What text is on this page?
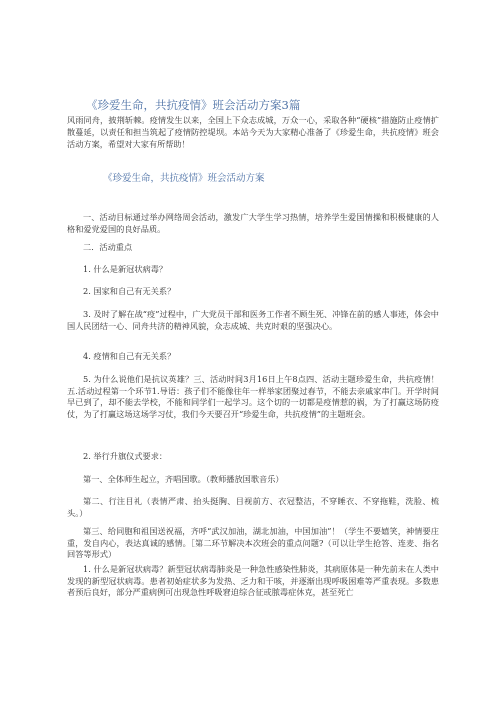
《珍爱生命，共抗疫情》班会活动方案3篇
风雨同舟，披荆斩棘。疫情发生以来，全国上下众志成城，万众一心，采取各种“硬核”措施防止疫情扩散蔓延，以责任和担当筑起了疫情防控堤坝。本站今天为大家精心准备了《珍爱生命，共抗疫情》班会活动方案，希望对大家有所帮助！
《珍爱生命，共抗疫情》班会活动方案

一、活动目标通过举办网络周会活动，激发广大学生学习热情，培养学生爱国情操和积极健康的人格和爱党爱国的良好品质。

二．活动重点

1. 什么是新冠状病毒？

2. 国家和自己有无关系？

3. 及时了解在战“疫”过程中，广大党员干部和医务工作者不顾生死、冲锋在前的感人事迹，体会中国人民团结一心、同舟共济的精神风貌，众志成城、共克时艰的坚强决心。

4. 疫情和自己有无关系？

5. 为什么说他们是抗议英雄？三、活动时间3月16日上午8点四、活动主题珍爱生命，共抗疫情！五.活动过程第一个环节1.导语：孩子们不能像往年一样举家团聚过春节，不能去亲戚家串门。开学时间早已到了，却不能去学校，不能和同学们一起学习。这个切的一切都是疫情惹的祸，为了打赢这场防疫仗，为了打赢这场这场学习仗，我们今天要召开“珍爱生命，共抗疫情”的主题班会。

2. 举行升旗仪式要求：

第一、全体师生起立，齐唱国歌。（教师播放国歌音乐）

第二、行注目礼（表情严肃、抬头挺胸、目视前方、衣冠整洁，不穿睡衣、不穿拖鞋，洗脸、梳头。）

第三、给同胞和祖国送祝福，齐呼“武汉加油，湖北加油，中国加油”！（学生不要嬉笑，神情要庄重，发自内心，表达真诚的感情。［第二环节解决本次班会的重点问题?（可以让学生抢答、连麦、指名回答等形式）

1. 什么是新冠状病毒？新型冠状病毒肺炎是一种急性感染性肺炎，其病原体是一种先前未在人类中发现的新型冠状病毒。患者初始症状多为发热、乏力和干咳，并逐渐出现呼吸困难等严重表现。多数患者预后良好，部分严重病例可出现急性呼吸窘迫综合征或脓毒症休克，甚至死亡
